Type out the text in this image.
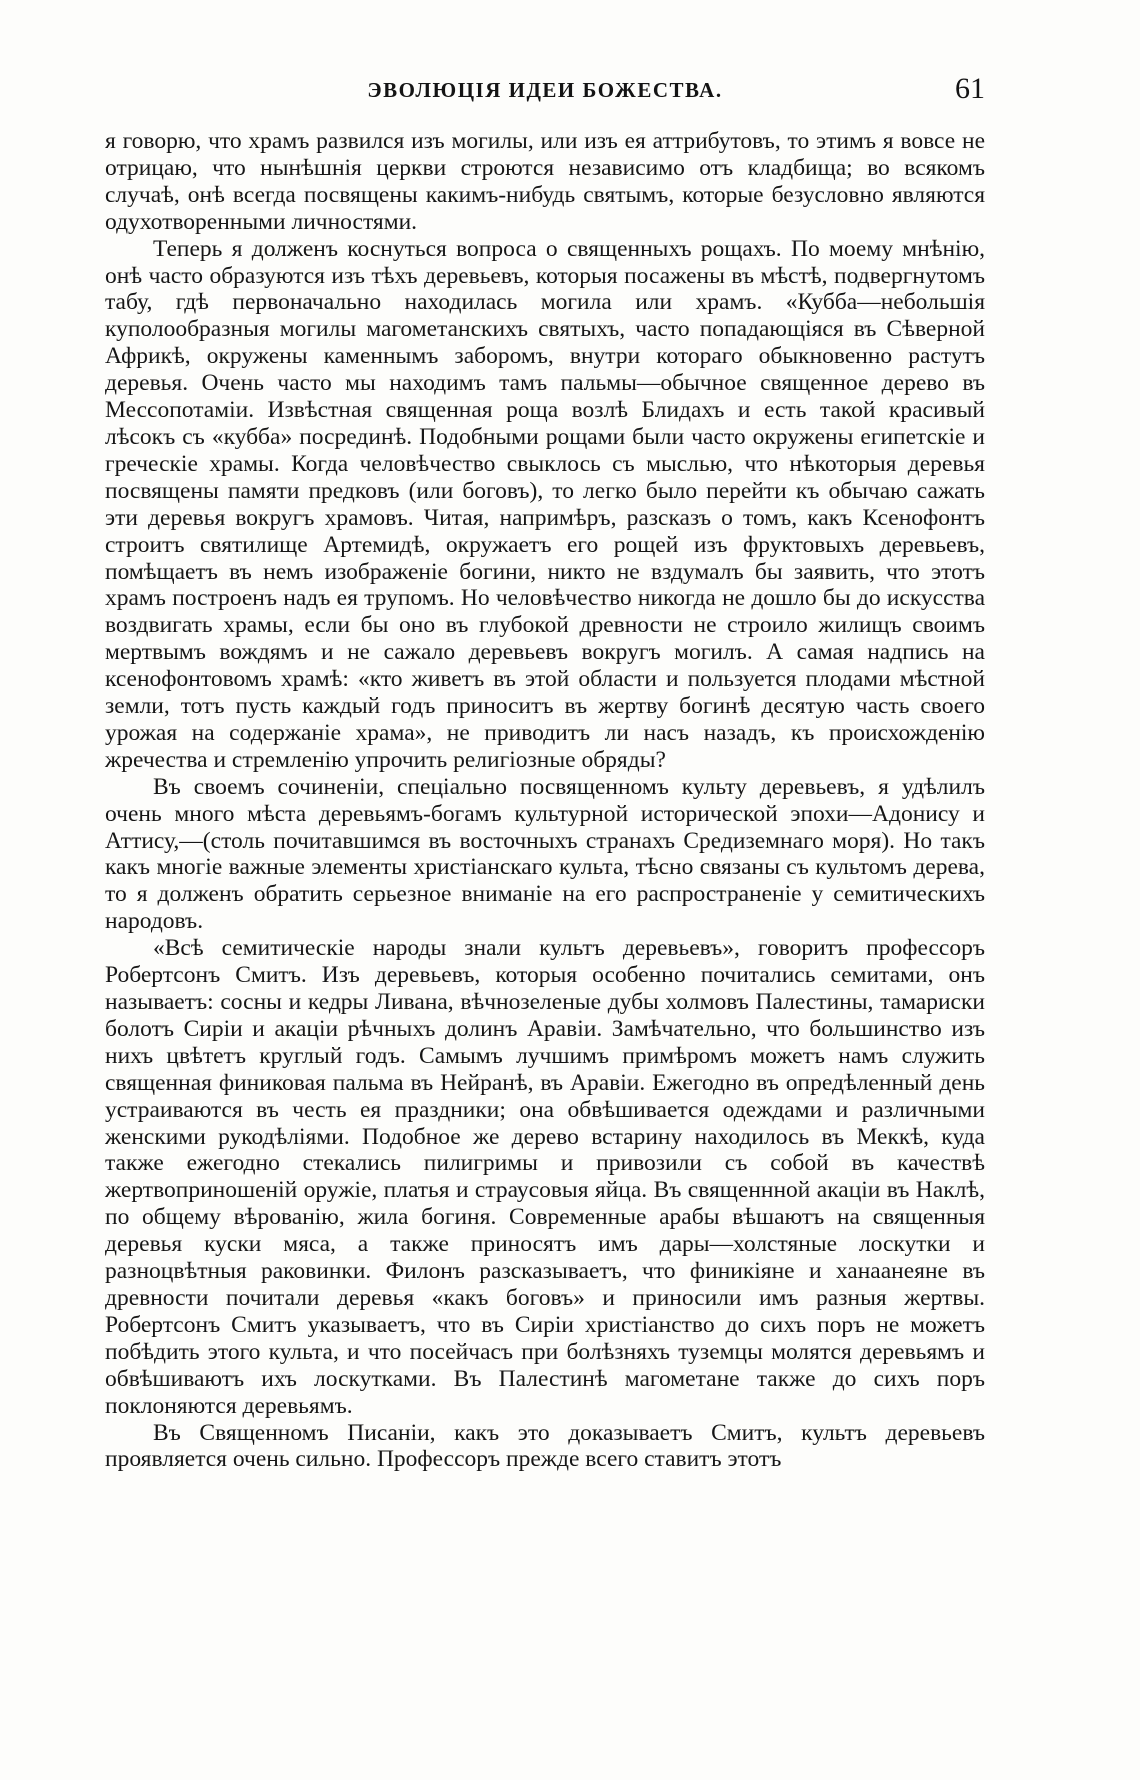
ЭВОЛЮЦІЯ ИДЕИ БОЖЕСТВА.	61

я говорю, что храмъ развился изъ могилы, или изъ ея аттрибутовъ, то этимъ я вовсе не отрицаю, что нынѣшнія церкви строются независимо отъ кладбища; во всякомъ случаѣ, онѣ всегда посвящены какимъ-нибудь святымъ, которые безусловно являются одухотворенными личностями.

Теперь я долженъ коснуться вопроса о священныхъ рощахъ. По моему мнѣнію, онѣ часто образуются изъ тѣхъ деревьевъ, которыя посажены въ мѣстѣ, подвергнутомъ табу, гдѣ первоначально находилась могила или храмъ. «Кубба—небольшія куполообразныя могилы магометанскихъ святыхъ, часто попадающіяся въ Сѣверной Африкѣ, окружены каменнымъ заборомъ, внутри котораго обыкновенно растутъ деревья. Очень часто мы находимъ тамъ пальмы—обычное священное дерево въ Мессопотаміи. Извѣстная священная роща возлѣ Блидахъ и есть такой красивый лѣсокъ съ «кубба» посрединѣ. Подобными рощами были часто окружены египетскіе и греческіе храмы. Когда человѣчество свыклось съ мыслью, что нѣкоторыя деревья посвящены памяти предковъ (или боговъ), то легко было перейти къ обычаю сажать эти деревья вокругъ храмовъ. Читая, напримѣръ, разсказъ о томъ, какъ Ксенофонтъ строитъ святилище Артемидѣ, окружаетъ его рощей изъ фруктовыхъ деревьевъ, помѣщаетъ въ немъ изображеніе богини, никто не вздумалъ бы заявить, что этотъ храмъ построенъ надъ ея трупомъ. Но человѣчество никогда не дошло бы до искусства воздвигать храмы, если бы оно въ глубокой древности не строило жилищъ своимъ мертвымъ вождямъ и не сажало деревьевъ вокругъ могилъ. А самая надпись на ксенофонтовомъ храмѣ: «кто живетъ въ этой области и пользуется плодами мѣстной земли, тотъ пусть каждый годъ приноситъ въ жертву богинѣ десятую часть своего урожая на содержаніе храма», не приводитъ ли насъ назадъ, къ происхожденію жречества и стремленію упрочить религіозные обряды?

Въ своемъ сочиненіи, спеціально посвященномъ культу деревьевъ, я удѣлилъ очень много мѣста деревьямъ-богамъ культурной исторической эпохи—Адонису и Аттису,—(столь почитавшимся въ восточныхъ странахъ Средиземнаго моря). Но такъ какъ многіе важные элементы христіанскаго культа, тѣсно связаны съ культомъ дерева, то я долженъ обратить серьезное вниманіе на его распространеніе у семитическихъ народовъ.

«Всѣ семитическіе народы знали культъ деревьевъ», говоритъ профессоръ Робертсонъ Смитъ. Изъ деревьевъ, которыя особенно почитались семитами, онъ называетъ: сосны и кедры Ливана, вѣчнозеленые дубы холмовъ Палестины, тамариски болотъ Сиріи и акаціи рѣчныхъ долинъ Аравіи. Замѣчательно, что большинство изъ нихъ цвѣтетъ круглый годъ. Самымъ лучшимъ примѣромъ можетъ намъ служить священная финиковая пальма въ Нейранѣ, въ Аравіи. Ежегодно въ опредѣленный день устраиваются въ честь ея праздники; она обвѣшивается одеждами и различными женскими рукодѣліями. Подобное же дерево встарину находилось въ Меккѣ, куда также ежегодно стекались пилигримы и привозили съ собой въ качествѣ жертвоприношеній оружіе, платья и страусовыя яйца. Въ священнной акаціи въ Наклѣ, по общему вѣрованію, жила богиня. Современные арабы вѣшаютъ на священныя деревья куски мяса, а также приносятъ имъ дары—холстяные лоскутки и разноцвѣтныя раковинки. Филонъ разсказываетъ, что финикіяне и ханаанеяне въ древности почитали деревья «какъ боговъ» и приносили имъ разныя жертвы. Робертсонъ Смитъ указываетъ, что въ Сиріи христіанство до сихъ поръ не можетъ побѣдить этого культа, и что посейчасъ при болѣзняхъ туземцы молятся деревьямъ и обвѣшиваютъ ихъ лоскутками. Въ Палестинѣ магометане также до сихъ поръ поклоняются деревьямъ.

Въ Священномъ Писаніи, какъ это доказываетъ Смитъ, культъ деревьевъ проявляется очень сильно. Профессоръ прежде всего ставитъ этотъ
